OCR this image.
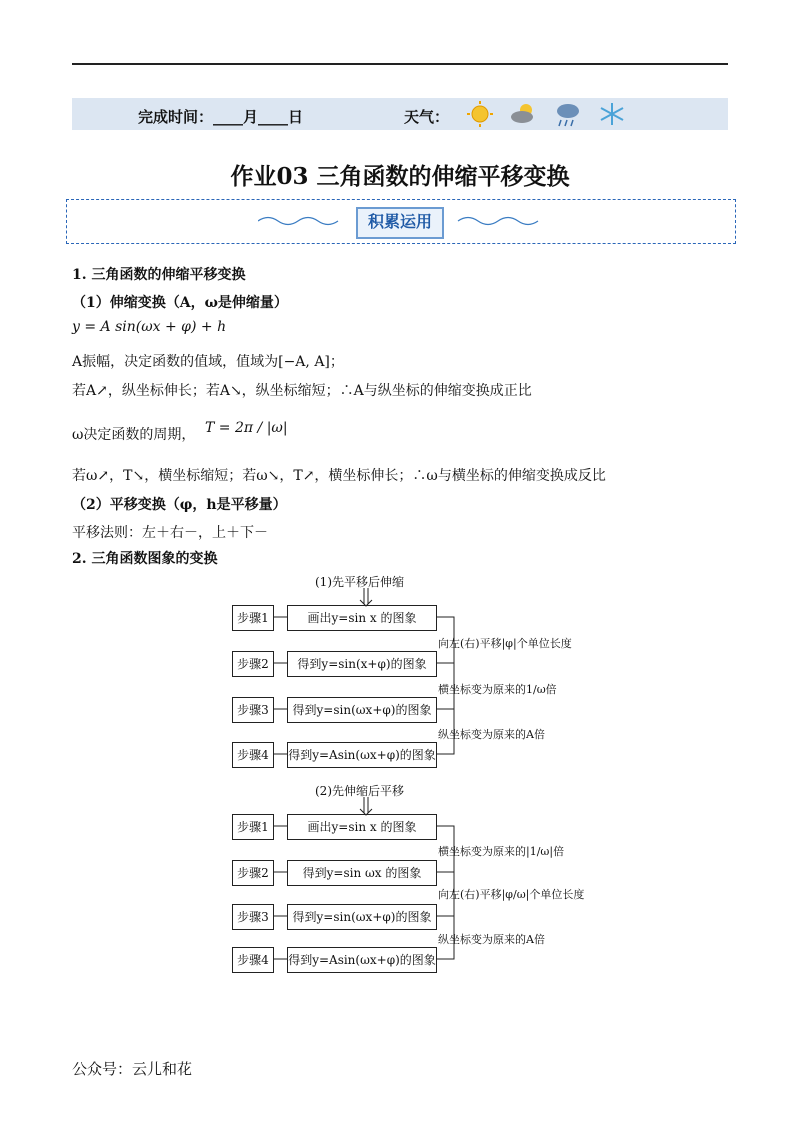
完成时间：____月____日	天气：
作业03 三角函数的伸缩平移变换
积累运用
1. 三角函数的伸缩平移变换
（1）伸缩变换（A，ω是伸缩量）
y = A sin(ωx + φ) + h
A振幅，决定函数的值域，值域为[−A, A]；
若A↗，纵坐标伸长；若A↘，纵坐标缩短；∴A与纵坐标的伸缩变换成正比
ω决定函数的周期， T = 2π / |ω|
若ω↗，T↘，横坐标缩短；若ω↘，T↗，横坐标伸长；∴ω与横坐标的伸缩变换成反比
（2）平移变换（φ，h是平移量）
平移法则：左＋右－，上＋下－
2. 三角函数图象的变换
(1)先平移后伸缩
步骤1	画出y=sin x 的图象
步骤2	得到y=sin(x+φ)的图象
步骤3	得到y=sin(ωx+φ)的图象
步骤4	得到y=Asin(ωx+φ)的图象
向左(右)平移|φ|个单位长度
横坐标变为原来的1/ω倍
纵坐标变为原来的A倍
(2)先伸缩后平移
步骤1	画出y=sin x 的图象
步骤2	得到y=sin ωx 的图象
步骤3	得到y=sin(ωx+φ)的图象
步骤4	得到y=Asin(ωx+φ)的图象
横坐标变为原来的|1/ω|倍
向左(右)平移|φ/ω|个单位长度
纵坐标变为原来的A倍
公众号：云儿和花
